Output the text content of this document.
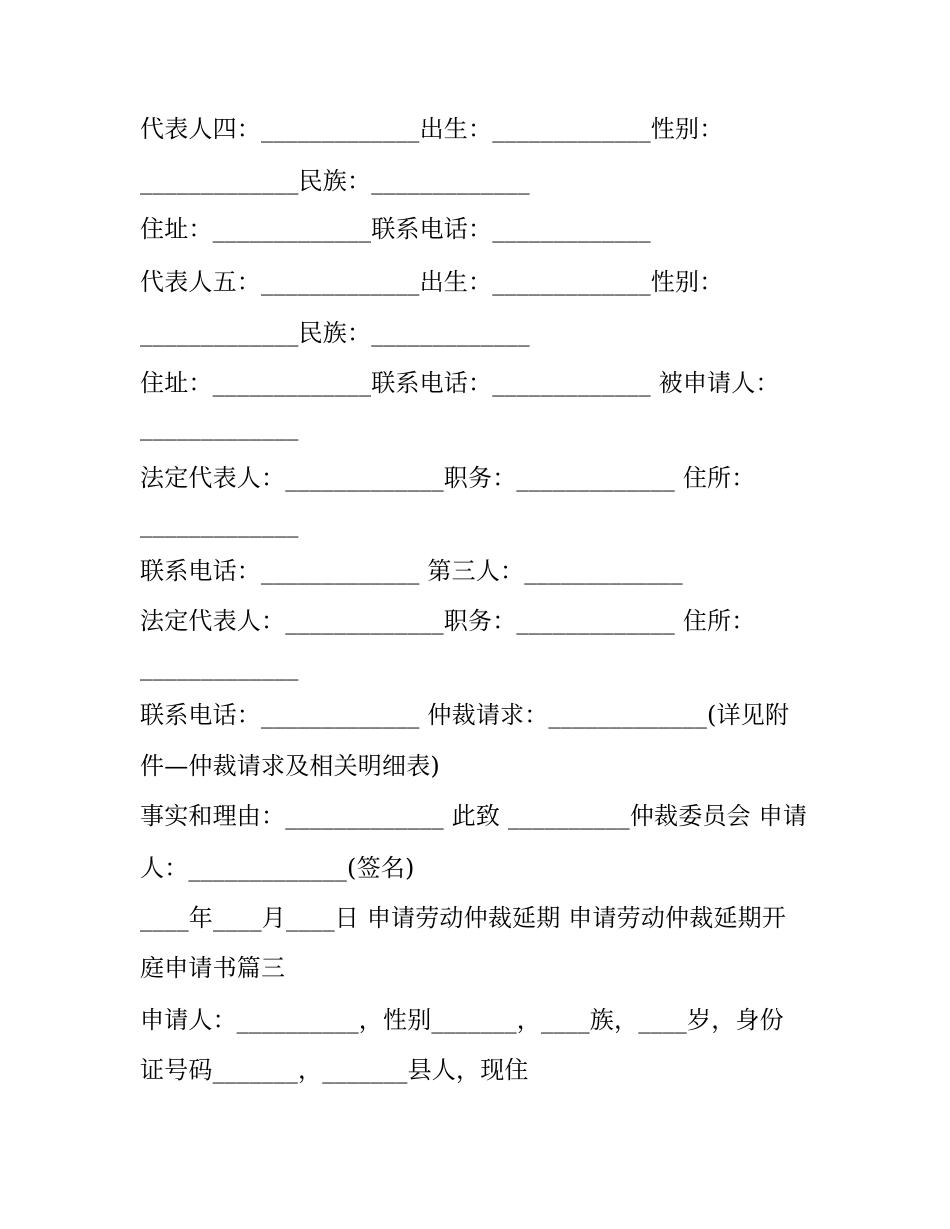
代表人四：_____________出生：_____________性别：
_____________民族：_____________
住址：_____________联系电话：_____________
代表人五：_____________出生：_____________性别：
_____________民族：_____________
住址：_____________联系电话：_____________ 被申请人：
_____________
法定代表人：_____________职务：_____________ 住所：
_____________
联系电话：_____________ 第三人：_____________
法定代表人：_____________职务：_____________ 住所：
_____________
联系电话：_____________ 仲裁请求：_____________(详见附
件—仲裁请求及相关明细表)
事实和理由：_____________ 此致 __________仲裁委员会 申请
人：_____________(签名)
____年____月____日 申请劳动仲裁延期 申请劳动仲裁延期开
庭申请书篇三
申请人：__________，性别_______，____族，____岁，身份
证号码_______，_______县人，现住
